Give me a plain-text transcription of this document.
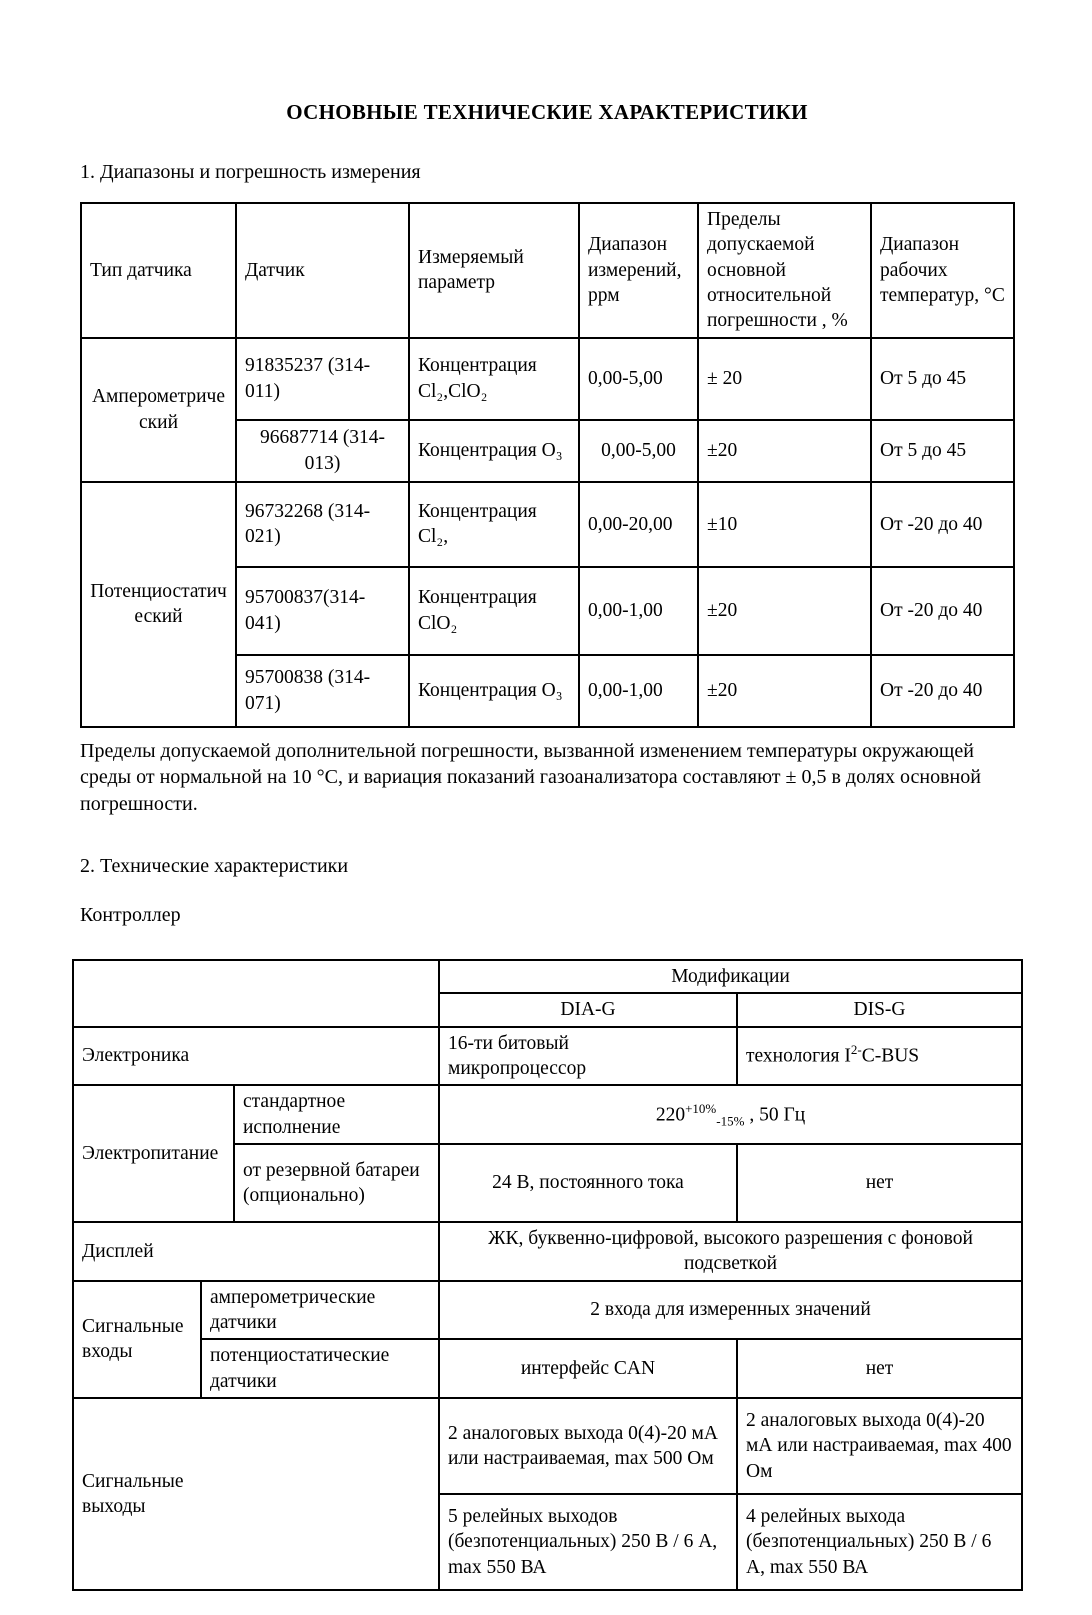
ОСНОВНЫЕ ТЕХНИЧЕСКИЕ ХАРАКТЕРИСТИКИ

1. Диапазоны и погрешность измерения

Тип датчика	Датчик	Измеряемый параметр	Диапазон измерений, ррм	Пределы допускаемой основной относительной погрешности , %	Диапазон рабочих температур, °С
Амперометрический	91835237 (314-011)	Концентрация Cl₂,ClO₂	0,00-5,00	± 20	От 5 до 45
	96687714 (314-013)	Концентрация O₃	0,00-5,00	±20	От 5 до 45
Потенциостатический	96732268 (314-021)	Концентрация Cl₂,	0,00-20,00	±10	От -20 до 40
	95700837(314-041)	Концентрация ClO₂	0,00-1,00	±20	От -20 до 40
	95700838 (314-071)	Концентрация O₃	0,00-1,00	±20	От -20 до 40

Пределы допускаемой дополнительной погрешности, вызванной изменением температуры окружающей среды от нормальной на 10 °С, и вариация показаний газоанализатора составляют ± 0,5 в долях основной погрешности.

2. Технические характеристики

Контроллер

			Модификации	
			DIA-G	DIS-G
Электроника			16-ти битовый микропроцессор	технология $I^{2-}C$-BUS
Электропитание		стандартное исполнение	$220^{+10\%}_{-15\%}$ , 50 Гц	
		от резервной батареи (опционально)	24 В, постоянного тока	нет
Дисплей			ЖК, буквенно-цифровой, высокого разрешения с фоновой подсветкой	
Сигнальные входы	амперометрические датчики		2 входа для измеренных значений	
	потенциостатические датчики		интерфейс CAN	нет
Сигнальные выходы			2 аналоговых выхода 0(4)-20 мА или настраиваемая, max 500 Ом	2 аналоговых выхода 0(4)-20 мА или настраиваемая, max 400 Ом
			5 релейных выходов (безпотенциальных) 250 В / 6 А, max 550 ВА	4 релейных выхода (безпотенциальных) 250 В / 6 А, max 550 ВА
